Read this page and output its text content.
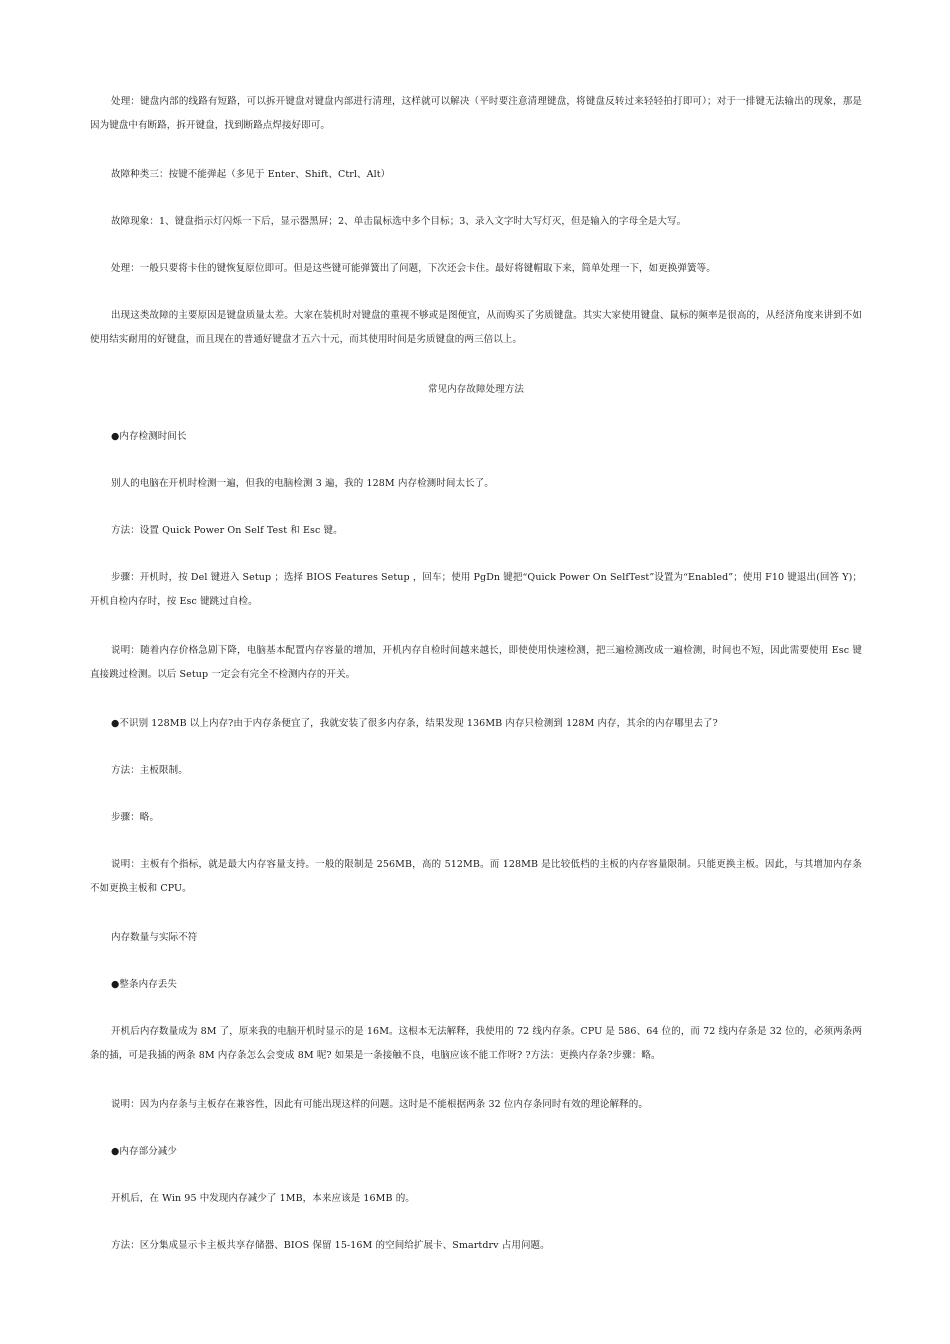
处理：键盘内部的线路有短路，可以拆开键盘对键盘内部进行清理，这样就可以解决（平时要注意清理键盘，将键盘反转过来轻轻拍打即可）；对于一排键无法输出的现象，那是因为键盘中有断路，拆开键盘，找到断路点焊接好即可。

故障种类三：按键不能弹起（多见于 Enter、Shift、Ctrl、Alt）

故障现象：1、键盘指示灯闪烁一下后，显示器黑屏；2、单击鼠标选中多个目标；3、录入文字时大写灯灭，但是输入的字母全是大写。

处理：一般只要将卡住的键恢复原位即可。但是这些键可能弹簧出了问题，下次还会卡住。最好将键帽取下来，简单处理一下，如更换弹簧等。

出现这类故障的主要原因是键盘质量太差。大家在装机时对键盘的重视不够或是图便宜，从而购买了劣质键盘。其实大家使用键盘、鼠标的频率是很高的，从经济角度来讲到不如使用结实耐用的好键盘，而且现在的普通好键盘才五六十元，而其使用时间是劣质键盘的两三倍以上。

常见内存故障处理方法

●内存检测时间长

别人的电脑在开机时检测一遍，但我的电脑检测 3 遍，我的 128M 内存检测时间太长了。

方法：设置 Quick Power On Self Test 和 Esc 键。

步骤：开机时，按 Del 键进入 Setup ；选择 BIOS Features Setup ，回车；使用 PgDn 键把“Quick Power On SelfTest”设置为“Enabled”；使用 F10 键退出(回答 Y)；开机自检内存时，按 Esc 键跳过自检。

说明：随着内存价格急剧下降，电脑基本配置内存容量的增加，开机内存自检时间越来越长，即使使用快速检测，把三遍检测改成一遍检测，时间也不短，因此需要使用 Esc 键直接跳过检测。以后 Setup 一定会有完全不检测内存的开关。

●不识别 128MB 以上内存?由于内存条便宜了，我就安装了很多内存条，结果发现 136MB 内存只检测到 128M 内存，其余的内存哪里去了?

方法：主板限制。

步骤：略。

说明：主板有个指标，就是最大内存容量支持。一般的限制是 256MB，高的 512MB。而 128MB 是比较低档的主板的内存容量限制。只能更换主板。因此，与其增加内存条不如更换主板和 CPU。

内存数量与实际不符

●整条内存丢失

开机后内存数量成为 8M 了，原来我的电脑开机时显示的是 16M。这根本无法解释，我使用的 72 线内存条。CPU 是 586、64 位的，而 72 线内存条是 32 位的，必须两条两条的插，可是我插的两条 8M 内存条怎么会变成 8M 呢? 如果是一条接触不良，电脑应该不能工作呀? ?方法：更换内存条?步骤：略。

说明：因为内存条与主板存在兼容性，因此有可能出现这样的问题。这时是不能根据两条 32 位内存条同时有效的理论解释的。

●内存部分减少

开机后，在 Win 95 中发现内存减少了 1MB，本来应该是 16MB 的。

方法：区分集成显示卡主板共享存储器、BIOS 保留 15-16M 的空间给扩展卡、Smartdrv 占用问题。
